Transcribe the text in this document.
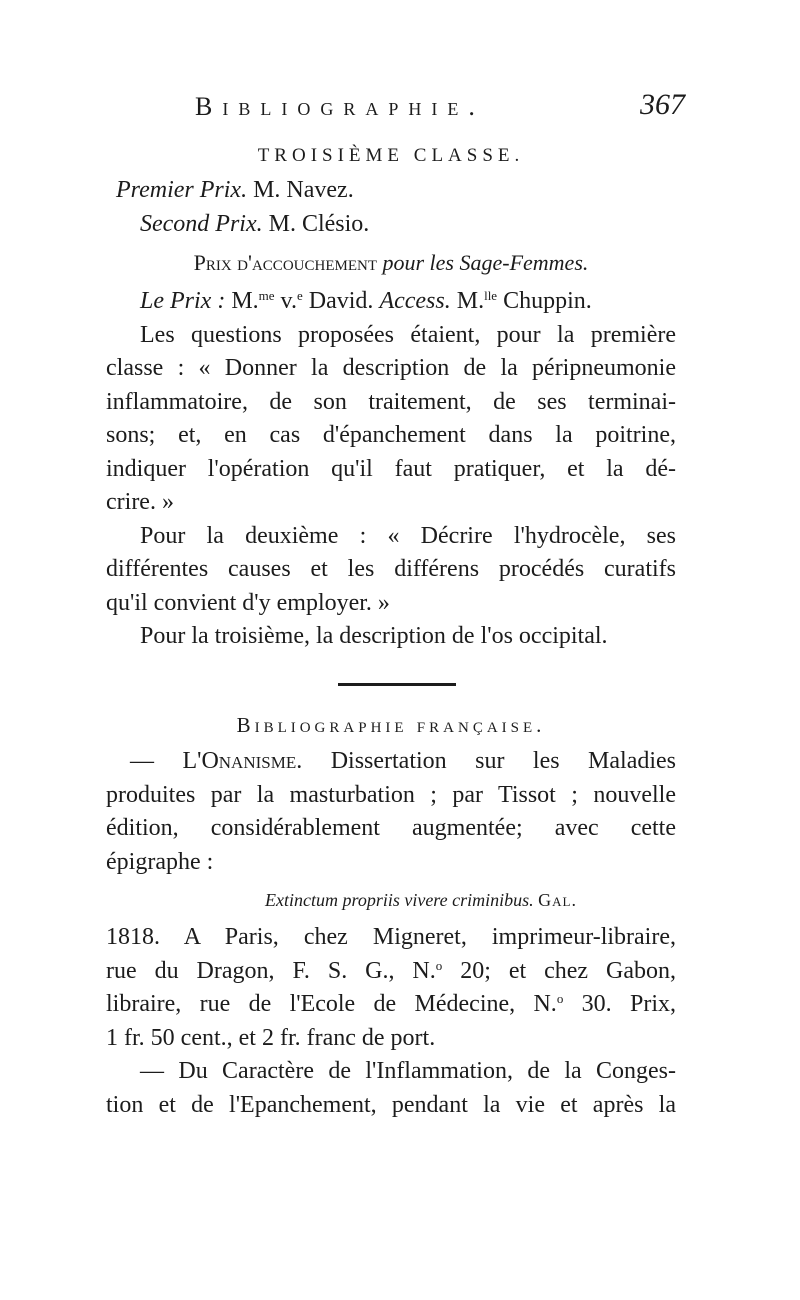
Bibliographie.	367
TROISIÈME CLASSE.
Premier Prix. M. Navez.
Second Prix. M. Clésio.
Prix d'accouchement pour les Sage-Femmes.
Le Prix : M.$^{me}$ v.$^e$ David. Access. M.$^{lle}$ Chuppin.
Les questions proposées étaient, pour la première
classe : « Donner la description de la péripneumonie
inflammatoire, de son traitement, de ses terminai-
sons; et, en cas d'épanchement dans la poitrine,
indiquer l'opération qu'il faut pratiquer, et la dé-
crire. »
Pour la deuxième : « Décrire l'hydrocèle, ses
différentes causes et les différens procédés curatifs
qu'il convient d'y employer. »
Pour la troisième, la description de l'os occipital.
Bibliographie française.
— L'Onanisme. Dissertation sur les Maladies
produites par la masturbation ; par Tissot ; nouvelle
édition, considérablement augmentée; avec cette
épigraphe :
Extinctum propriis vivere criminibus. Gal.
1818. A Paris, chez Migneret, imprimeur-libraire,
rue du Dragon, F. S. G., N.$^o$ 20; et chez Gabon,
libraire, rue de l'Ecole de Médecine, N.$^o$ 30. Prix,
1 fr. 50 cent., et 2 fr. franc de port.
— Du Caractère de l'Inflammation, de la Conges-
tion et de l'Epanchement, pendant la vie et après la
